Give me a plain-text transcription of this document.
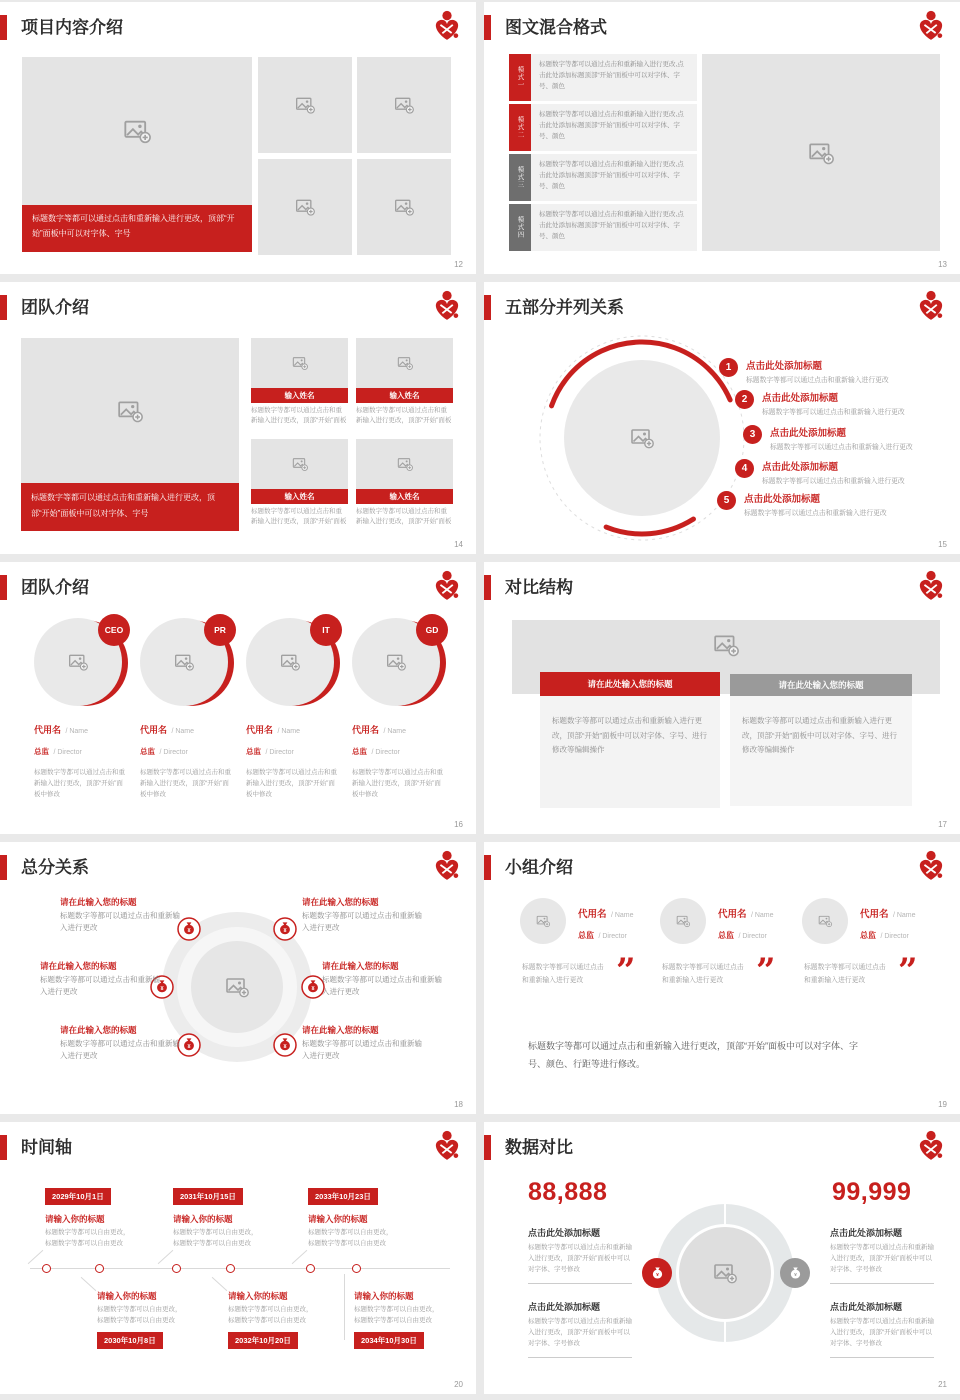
项目内容介绍
标题数字等都可以通过点击和重新输入进行更改，顶部“开始”面板中可以对字体、字号
12
图文混合格式
模式一
标题数字等都可以通过点击和重新输入进行更改,点击此处添加标题顶部“开始”面板中可以对字体、字号、颜色
模式二
标题数字等都可以通过点击和重新输入进行更改,点击此处添加标题顶部“开始”面板中可以对字体、字号、颜色
模式三
标题数字等都可以通过点击和重新输入进行更改,点击此处添加标题顶部“开始”面板中可以对字体、字号、颜色
模式四
标题数字等都可以通过点击和重新输入进行更改,点击此处添加标题顶部“开始”面板中可以对字体、字号、颜色
13
团队介绍
标题数字等都可以通过点击和重新输入进行更改，顶部“开始”面板中可以对字体、字号
输入姓名
标题数字等都可以通过点击和重新输入进行更改，顶部“开始”面板
输入姓名
标题数字等都可以通过点击和重新输入进行更改，顶部“开始”面板
输入姓名
标题数字等都可以通过点击和重新输入进行更改，顶部“开始”面板
输入姓名
标题数字等都可以通过点击和重新输入进行更改，顶部“开始”面板
14
五部分并列关系
1	点击此处添加标题
标题数字等都可以通过点击和重新输入进行更改
2	点击此处添加标题
标题数字等都可以通过点击和重新输入进行更改
3	点击此处添加标题
标题数字等都可以通过点击和重新输入进行更改
4	点击此处添加标题
标题数字等都可以通过点击和重新输入进行更改
5	点击此处添加标题
标题数字等都可以通过点击和重新输入进行更改
15
团队介绍
CEO
代用名 / Name
总监 / Director
标题数字等都可以通过点击和重新输入进行更改，顶部“开始”面板中修改
PR
代用名 / Name
总监 / Director
标题数字等都可以通过点击和重新输入进行更改，顶部“开始”面板中修改
IT
代用名 / Name
总监 / Director
标题数字等都可以通过点击和重新输入进行更改，顶部“开始”面板中修改
GD
代用名 / Name
总监 / Director
标题数字等都可以通过点击和重新输入进行更改，顶部“开始”面板中修改
16
对比结构
请在此处输入您的标题	请在此处输入您的标题
标题数字等都可以通过点击和重新输入进行更改，顶部“开始”面板中可以对字体、字号、进行修改等编辑操作
标题数字等都可以通过点击和重新输入进行更改，顶部“开始”面板中可以对字体、字号、进行修改等编辑操作
17
总分关系
¥	¥
¥	¥
¥	¥
请在此输入您的标题
标题数字等都可以通过点击和重新输入进行更改
请在此输入您的标题
标题数字等都可以通过点击和重新输入进行更改
请在此输入您的标题
标题数字等都可以通过点击和重新输入进行更改
请在此输入您的标题
标题数字等都可以通过点击和重新输入进行更改
请在此输入您的标题
标题数字等都可以通过点击和重新输入进行更改
请在此输入您的标题
标题数字等都可以通过点击和重新输入进行更改
18
小组介绍
代用名 / Name
总监 / Director
标题数字等都可以通过点击和重新输入进行更改 ”
代用名 / Name
总监 / Director
标题数字等都可以通过点击和重新输入进行更改 ”
代用名 / Name
总监 / Director
标题数字等都可以通过点击和重新输入进行更改 ”
标题数字等都可以通过点击和重新输入进行更改，顶部“开始”面板中可以对字体、字号、颜色、行距等进行修改。
19
时间轴
2029年10月1日
请输入你的标题
标题数字等都可以自由更改，
标题数字等都可以自由更改
2031年10月15日
请输入你的标题
标题数字等都可以自由更改，
标题数字等都可以自由更改
2033年10月23日
请输入你的标题
标题数字等都可以自由更改，
标题数字等都可以自由更改
请输入你的标题
标题数字等都可以自由更改，
标题数字等都可以自由更改
2030年10月8日
请输入你的标题
标题数字等都可以自由更改，
标题数字等都可以自由更改
2032年10月20日
请输入你的标题
标题数字等都可以自由更改，
标题数字等都可以自由更改
2034年10月30日
20
数据对比
88,888	99,999
点击此处添加标题
标题数字等都可以通过点击和重新输入进行更改，顶部“开始”面板中可以对字体、字号修改
点击此处添加标题
标题数字等都可以通过点击和重新输入进行更改，顶部“开始”面板中可以对字体、字号修改
点击此处添加标题
标题数字等都可以通过点击和重新输入进行更改，顶部“开始”面板中可以对字体、字号修改
点击此处添加标题
标题数字等都可以通过点击和重新输入进行更改，顶部“开始”面板中可以对字体、字号修改
¥	¥
21
